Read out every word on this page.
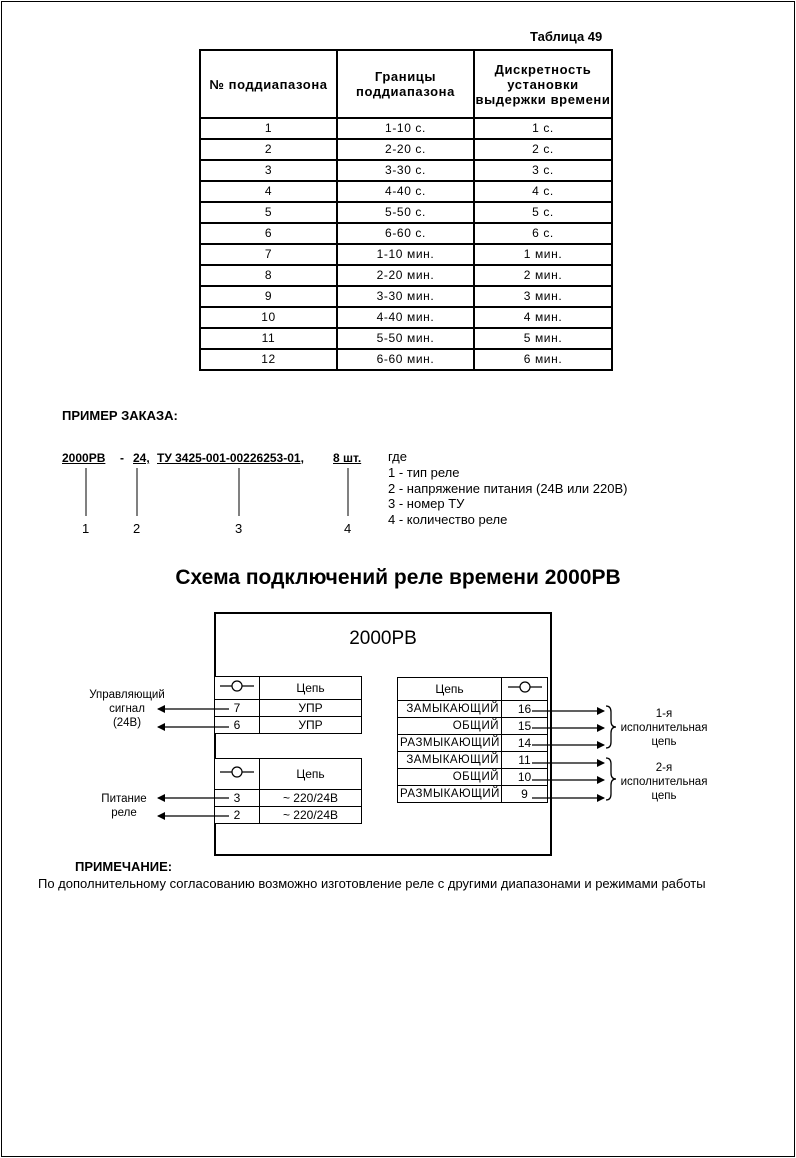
Таблица 49
№ поддиапазона	Границы поддиапазона	Дискретность установки выдержки времени
1	1-10 с.	1 с.
2	2-20 с.	2 с.
3	3-30 с.	3 с.
4	4-40 с.	4 с.
5	5-50 с.	5 с.
6	6-60 с.	6 с.
7	1-10 мин.	1 мин.
8	2-20 мин.	2 мин.
9	3-30 мин.	3 мин.
10	4-40 мин.	4 мин.
11	5-50 мин.	5 мин.
12	6-60 мин.	6 мин.
ПРИМЕР ЗАКАЗА:
2000РВ - 24, ТУ 3425-001-00226253-01, 8 шт.
1	2	3	4
где
1 - тип реле
2 - напряжение питания (24В или 220В)
3 - номер ТУ
4 - количество реле
Схема подключений реле времени 2000РВ
2000РВ
	Цепь
7	УПР
6	УПР
	Цепь
3	~ 220/24В
2	~ 220/24В
Цепь	
ЗАМЫКАЮЩИЙ	16
ОБЩИЙ	15
РАЗМЫКАЮЩИЙ	14
ЗАМЫКАЮЩИЙ	11
ОБЩИЙ	10
РАЗМЫКАЮЩИЙ	9
Управляющий
сигнал
(24В)
Питание
реле
1-я
исполнительная
цепь
2-я
исполнительная
цепь
ПРИМЕЧАНИЕ:
По дополнительному согласованию возможно изготовление реле с другими диапазонами и режимами работы
